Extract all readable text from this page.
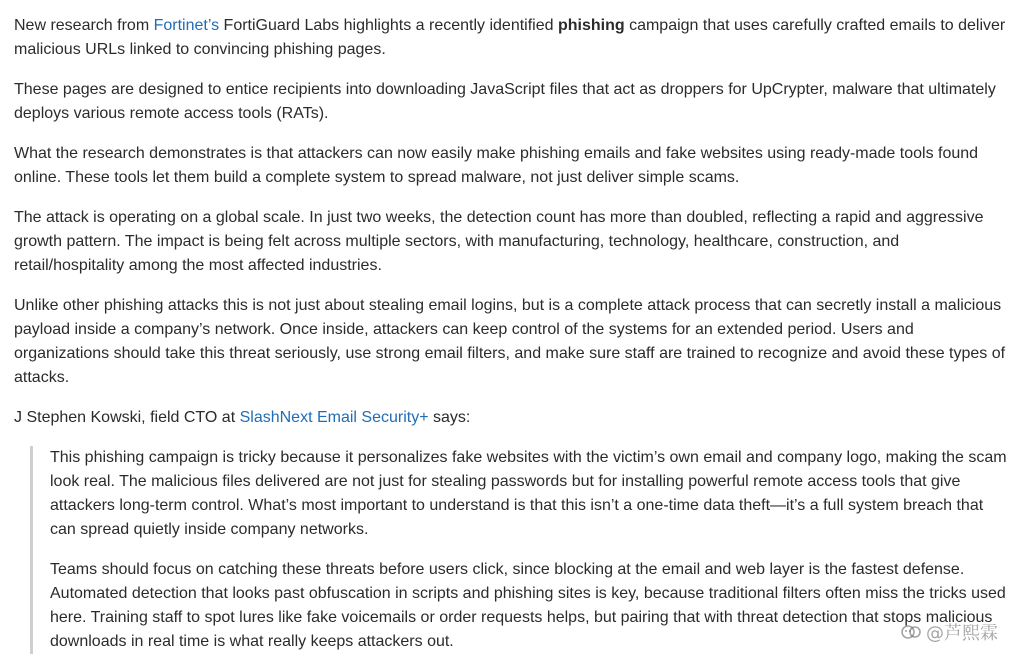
New research from Fortinet’s FortiGuard Labs highlights a recently identified phishing campaign that uses carefully crafted emails to deliver malicious URLs linked to convincing phishing pages.

These pages are designed to entice recipients into downloading JavaScript files that act as droppers for UpCrypter, malware that ultimately deploys various remote access tools (RATs).

What the research demonstrates is that attackers can now easily make phishing emails and fake websites using ready-made tools found online. These tools let them build a complete system to spread malware, not just deliver simple scams.

The attack is operating on a global scale. In just two weeks, the detection count has more than doubled, reflecting a rapid and aggressive growth pattern. The impact is being felt across multiple sectors, with manufacturing, technology, healthcare, construction, and retail/hospitality among the most affected industries.

Unlike other phishing attacks this is not just about stealing email logins, but is a complete attack process that can secretly install a malicious payload inside a company’s network. Once inside, attackers can keep control of the systems for an extended period. Users and organizations should take this threat seriously, use strong email filters, and make sure staff are trained to recognize and avoid these types of attacks.

J Stephen Kowski, field CTO at SlashNext Email Security+ says:

This phishing campaign is tricky because it personalizes fake websites with the victim’s own email and company logo, making the scam look real. The malicious files delivered are not just for stealing passwords but for installing powerful remote access tools that give attackers long-term control. What’s most important to understand is that this isn’t a one-time data theft—it’s a full system breach that can spread quietly inside company networks.

Teams should focus on catching these threats before users click, since blocking at the email and web layer is the fastest defense. Automated detection that looks past obfuscation in scripts and phishing sites is key, because traditional filters often miss the tricks used here. Training staff to spot lures like fake voicemails or order requests helps, but pairing that with threat detection that stops malicious downloads in real time is what really keeps attackers out.	@芦熙霖
